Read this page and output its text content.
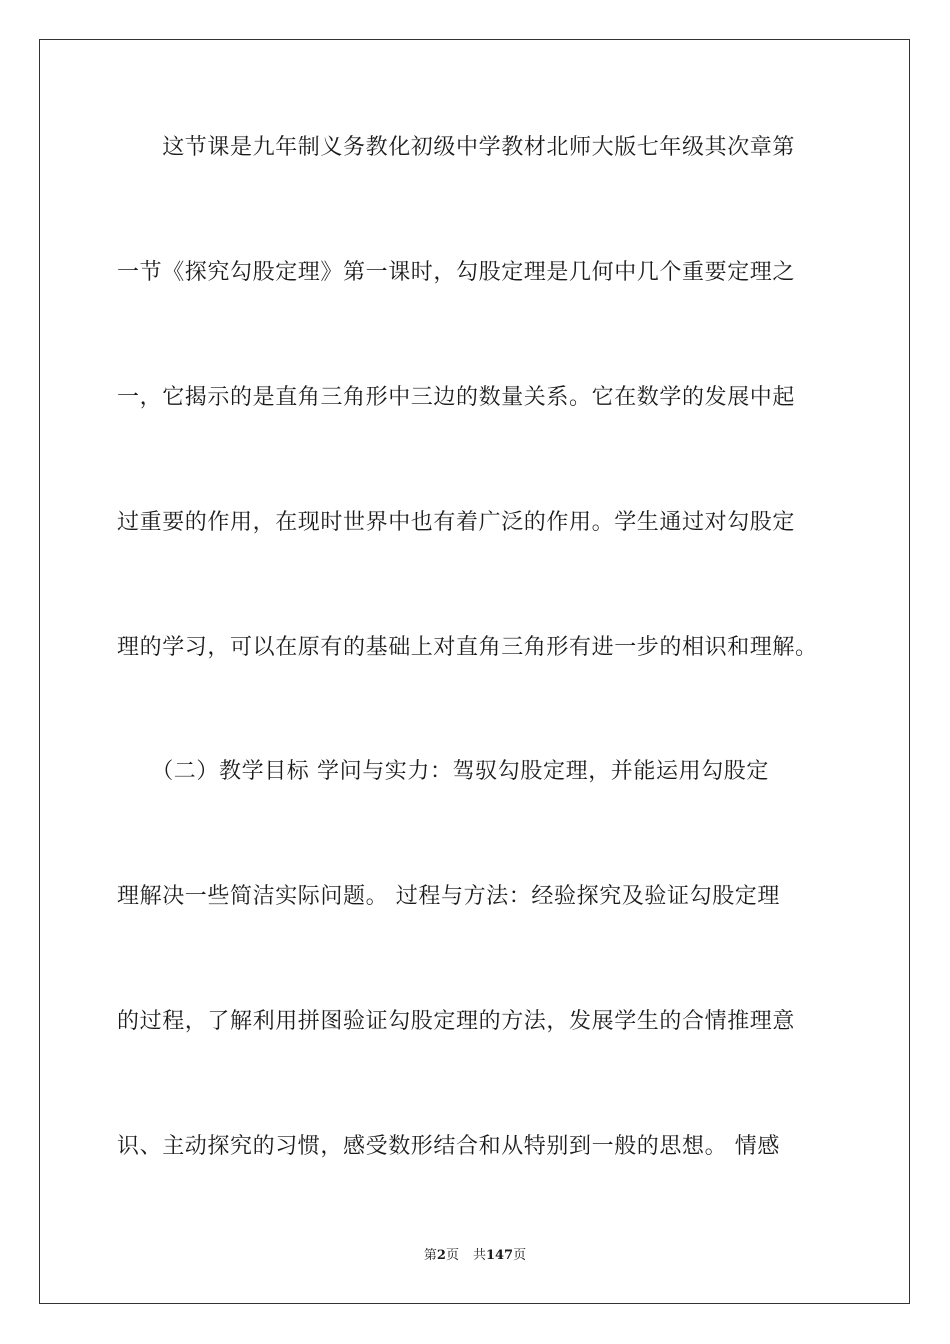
　　这节课是九年制义务教化初级中学教材北师大版七年级其次章第
一节《探究勾股定理》第一课时，勾股定理是几何中几个重要定理之
一，它揭示的是直角三角形中三边的数量关系。它在数学的发展中起
过重要的作用，在现时世界中也有着广泛的作用。学生通过对勾股定
理的学习，可以在原有的基础上对直角三角形有进一步的相识和理解。
　　（二）教学目标 学问与实力：驾驭勾股定理，并能运用勾股定
理解决一些简洁实际问题。 过程与方法：经验探究及验证勾股定理
的过程，了解利用拼图验证勾股定理的方法，发展学生的合情推理意
识、主动探究的习惯，感受数形结合和从特别到一般的思想。 情感
第2页 共147页
